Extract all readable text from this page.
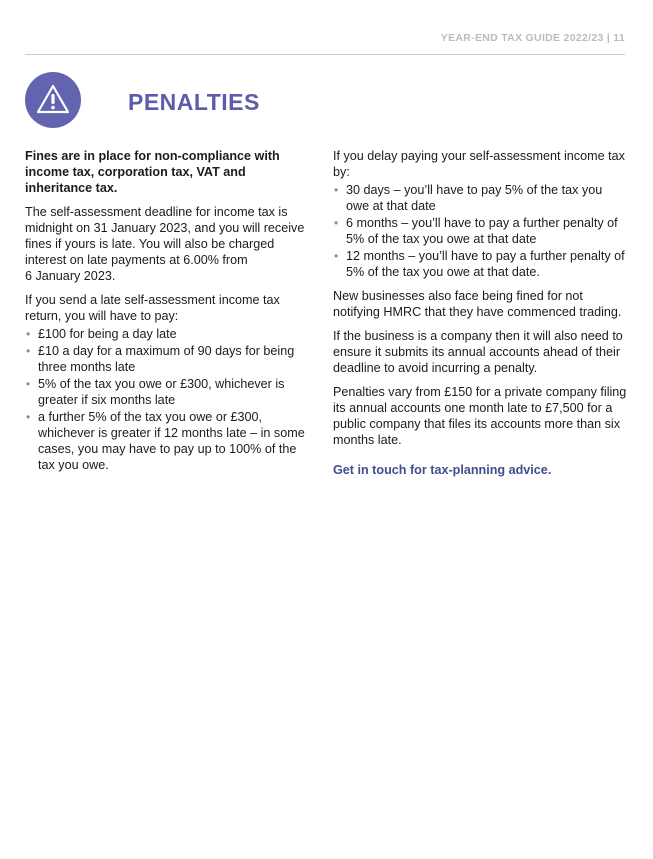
YEAR-END TAX GUIDE 2022/23 | 11
PENALTIES

Fines are in place for non-compliance with income tax, corporation tax, VAT and inheritance tax.

The self-assessment deadline for income tax is midnight on 31 January 2023, and you will receive fines if yours is late. You will also be charged interest on late payments at 6.00% from
6 January 2023.

If you send a late self-assessment income tax return, you will have to pay:

• £100 for being a day late
• £10 a day for a maximum of 90 days for being three months late
• 5% of the tax you owe or £300, whichever is greater if six months late
• a further 5% of the tax you owe or £300, whichever is greater if 12 months late – in some cases, you may have to pay up to 100% of the tax you owe.

If you delay paying your self-assessment income tax by:

• 30 days – you’ll have to pay 5% of the tax you owe at that date
• 6 months – you’ll have to pay a further penalty of 5% of the tax you owe at that date
• 12 months – you’ll have to pay a further penalty of 5% of the tax you owe at that date.

New businesses also face being fined for not notifying HMRC that they have commenced trading.

If the business is a company then it will also need to ensure it submits its annual accounts ahead of their deadline to avoid incurring a penalty.

Penalties vary from £150 for a private company filing its annual accounts one month late to £7,500 for a public company that files its accounts more than six months late.

Get in touch for tax-planning advice.
